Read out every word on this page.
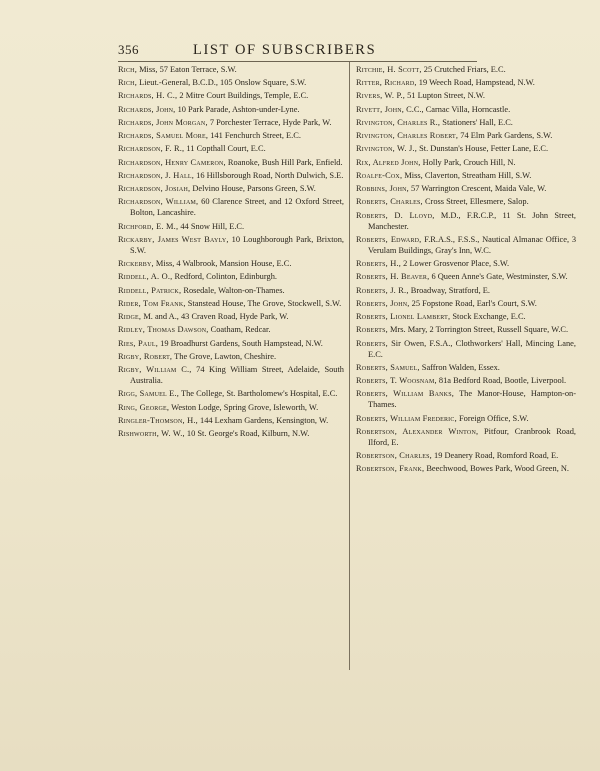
356	LIST OF SUBSCRIBERS

Rich, Miss, 57 Eaton Terrace, S.W.

Rich, Lieut.-General, B.C.D., 105 Onslow Square, S.W.

Richards, H. C., 2 Mitre Court Buildings, Temple, E.C.

Richards, John, 10 Park Parade, Ashton-under-Lyne.

Richards, John Morgan, 7 Porchester Terrace, Hyde Park, W.

Richards, Samuel More, 141 Fenchurch Street, E.C.

Richardson, F. R., 11 Copthall Court, E.C.

Richardson, Henry Cameron, Roanoke, Bush Hill Park, Enfield.

Richardson, J. Hall, 16 Hillsborough Road, North Dulwich, S.E.

Richardson, Josiah, Delvino House, Parsons Green, S.W.

Richardson, William, 60 Clarence Street, and 12 Oxford Street, Bolton, Lancashire.

Richford, E. M., 44 Snow Hill, E.C.

Rickarby, James West Bayly, 10 Loughborough Park, Brixton, S.W.

Rickerby, Miss, 4 Walbrook, Mansion House, E.C.

Riddell, A. O., Redford, Colinton, Edinburgh.

Riddell, Patrick, Rosedale, Walton-on-Thames.

Rider, Tom Frank, Stanstead House, The Grove, Stockwell, S.W.

Ridge, M. and A., 43 Craven Road, Hyde Park, W.

Ridley, Thomas Dawson, Coatham, Redcar.

Ries, Paul, 19 Broadhurst Gardens, South Hampstead, N.W.

Rigby, Robert, The Grove, Lawton, Cheshire.

Rigby, William C., 74 King William Street, Adelaide, South Australia.

Rigg, Samuel E., The College, St. Bartholomew's Hospital, E.C.

Ring, George, Weston Lodge, Spring Grove, Isleworth, W.

Ringler-Thomson, H., 144 Lexham Gardens, Kensington, W.

Rishworth, W. W., 10 St. George's Road, Kilburn, N.W.

Ritchie, H. Scott, 25 Crutched Friars, E.C.

Ritter, Richard, 19 Weech Road, Hampstead, N.W.

Rivers, W. P., 51 Lupton Street, N.W.

Rivett, John, C.C., Carnac Villa, Horncastle.

Rivington, Charles R., Stationers' Hall, E.C.

Rivington, Charles Robert, 74 Elm Park Gardens, S.W.

Rivington, W. J., St. Dunstan's House, Fetter Lane, E.C.

Rix, Alfred John, Holly Park, Crouch Hill, N.

Roalfe-Cox, Miss, Claverton, Streatham Hill, S.W.

Robbins, John, 57 Warrington Crescent, Maida Vale, W.

Roberts, Charles, Cross Street, Ellesmere, Salop.

Roberts, D. Lloyd, M.D., F.R.C.P., 11 St. John Street, Manchester.

Roberts, Edward, F.R.A.S., F.S.S., Nautical Almanac Office, 3 Verulam Buildings, Gray's Inn, W.C.

Roberts, H., 2 Lower Grosvenor Place, S.W.

Roberts, H. Beaver, 6 Queen Anne's Gate, Westminster, S.W.

Roberts, J. R., Broadway, Stratford, E.

Roberts, John, 25 Fopstone Road, Earl's Court, S.W.

Roberts, Lionel Lambert, Stock Exchange, E.C.

Roberts, Mrs. Mary, 2 Torrington Street, Russell Square, W.C.

Roberts, Sir Owen, F.S.A., Clothworkers' Hall, Mincing Lane, E.C.

Roberts, Samuel, Saffron Walden, Essex.

Roberts, T. Woosnam, 81a Bedford Road, Bootle, Liverpool.

Roberts, William Banks, The Manor-House, Hampton-on-Thames.

Roberts, William Frederic, Foreign Office, S.W.

Robertson, Alexander Winton, Pitfour, Cranbrook Road, Ilford, E.

Robertson, Charles, 19 Deanery Road, Romford Road, E.

Robertson, Frank, Beechwood, Bowes Park, Wood Green, N.
